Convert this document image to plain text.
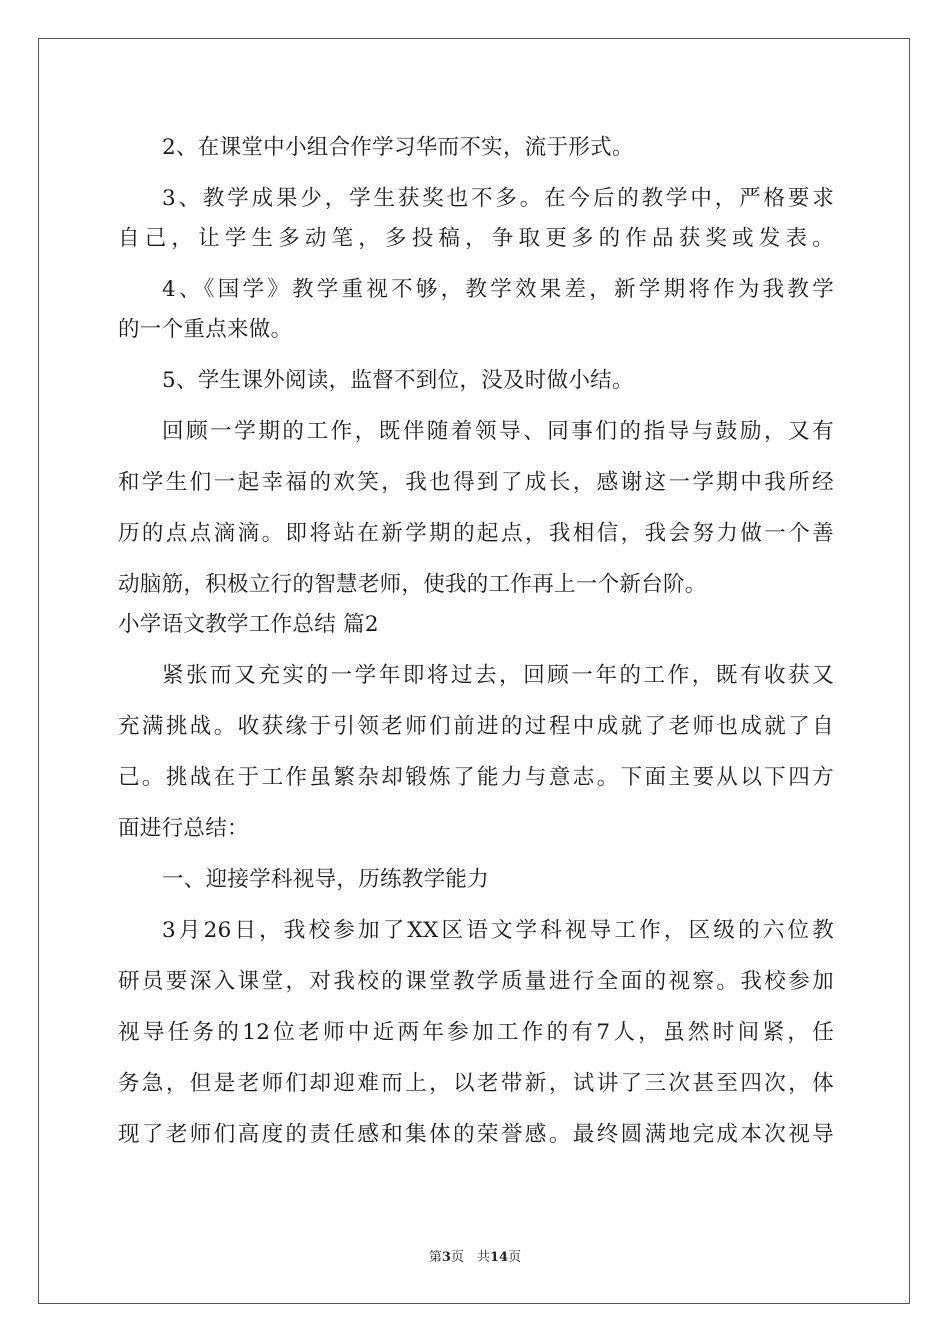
2、在课堂中小组合作学习华而不实，流于形式。
3、教学成果少，学生获奖也不多。在今后的教学中，严格要求
自己，让学生多动笔，多投稿，争取更多的作品获奖或发表。
4、《国学》教学重视不够，教学效果差，新学期将作为我教学
的一个重点来做。
5、学生课外阅读，监督不到位，没及时做小结。
回顾一学期的工作，既伴随着领导、同事们的指导与鼓励，又有
和学生们一起幸福的欢笑，我也得到了成长，感谢这一学期中我所经
历的点点滴滴。即将站在新学期的起点，我相信，我会努力做一个善
动脑筋，积极立行的智慧老师，使我的工作再上一个新台阶。
小学语文教学工作总结 篇2
紧张而又充实的一学年即将过去，回顾一年的工作，既有收获又
充满挑战。收获缘于引领老师们前进的过程中成就了老师也成就了自
己。挑战在于工作虽繁杂却锻炼了能力与意志。下面主要从以下四方
面进行总结：
一、迎接学科视导，历练教学能力
3月26日，我校参加了XX区语文学科视导工作，区级的六位教
研员要深入课堂，对我校的课堂教学质量进行全面的视察。我校参加
视导任务的12位老师中近两年参加工作的有7人，虽然时间紧，任
务急，但是老师们却迎难而上，以老带新，试讲了三次甚至四次，体
现了老师们高度的责任感和集体的荣誉感。最终圆满地完成本次视导
第3页　共14页
